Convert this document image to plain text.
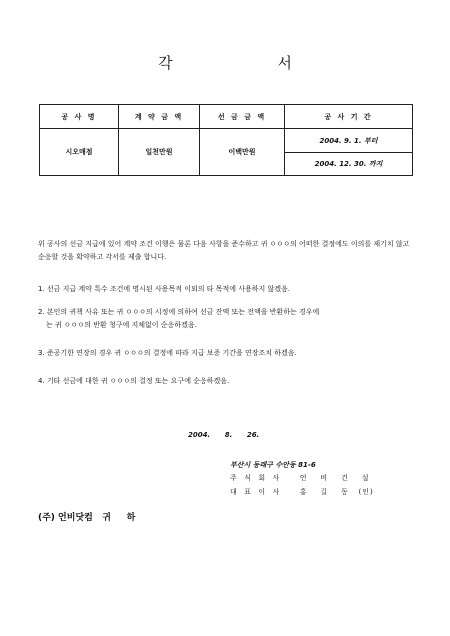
각 서
공 사 명	계 약 금 액	선 금 금 액	공 사 기 간
시오매점	일천만원	이백만원	2004. 9. 1. 부터
			2004. 12. 30. 까지
위 공사의 선금 지급에 있어 계약 조건 이행은 물론 다음 사항을 준수하고 귀 ㅇㅇㅇ의 어떠한 결정에도 이의를 제기치 않고 순응할 것을 확약하고 각서를 제출 합니다.
1. 선금 지급 계약 특수 조건에 명시된 사용목적 이외의 타 목적에 사용하지 않겠음.
2. 본인의 귀책 사유 또는 귀 ㅇㅇㅇ의 시정에 의하여 선금 잔액 또는 전액을 반환하는 경우에
는 귀 ㅇㅇㅇ의 반환 청구에 지체없이 순응하겠음.
3. 준공기한 연장의 경우 귀 ㅇㅇㅇ의 결정에 따라 지급 보증 기간을 연장조치 하겠음.
4. 기타 선금에 대한 귀 ㅇㅇㅇ의 결정 또는 요구에 순응하겠음.
2004.      8.      26.
부산시 동래구 수안동 81-6
주  식  회  사      언    비    건    설
대  표  이  사      홍    길    동   (인)
(주) 언비닷컴   귀     하
